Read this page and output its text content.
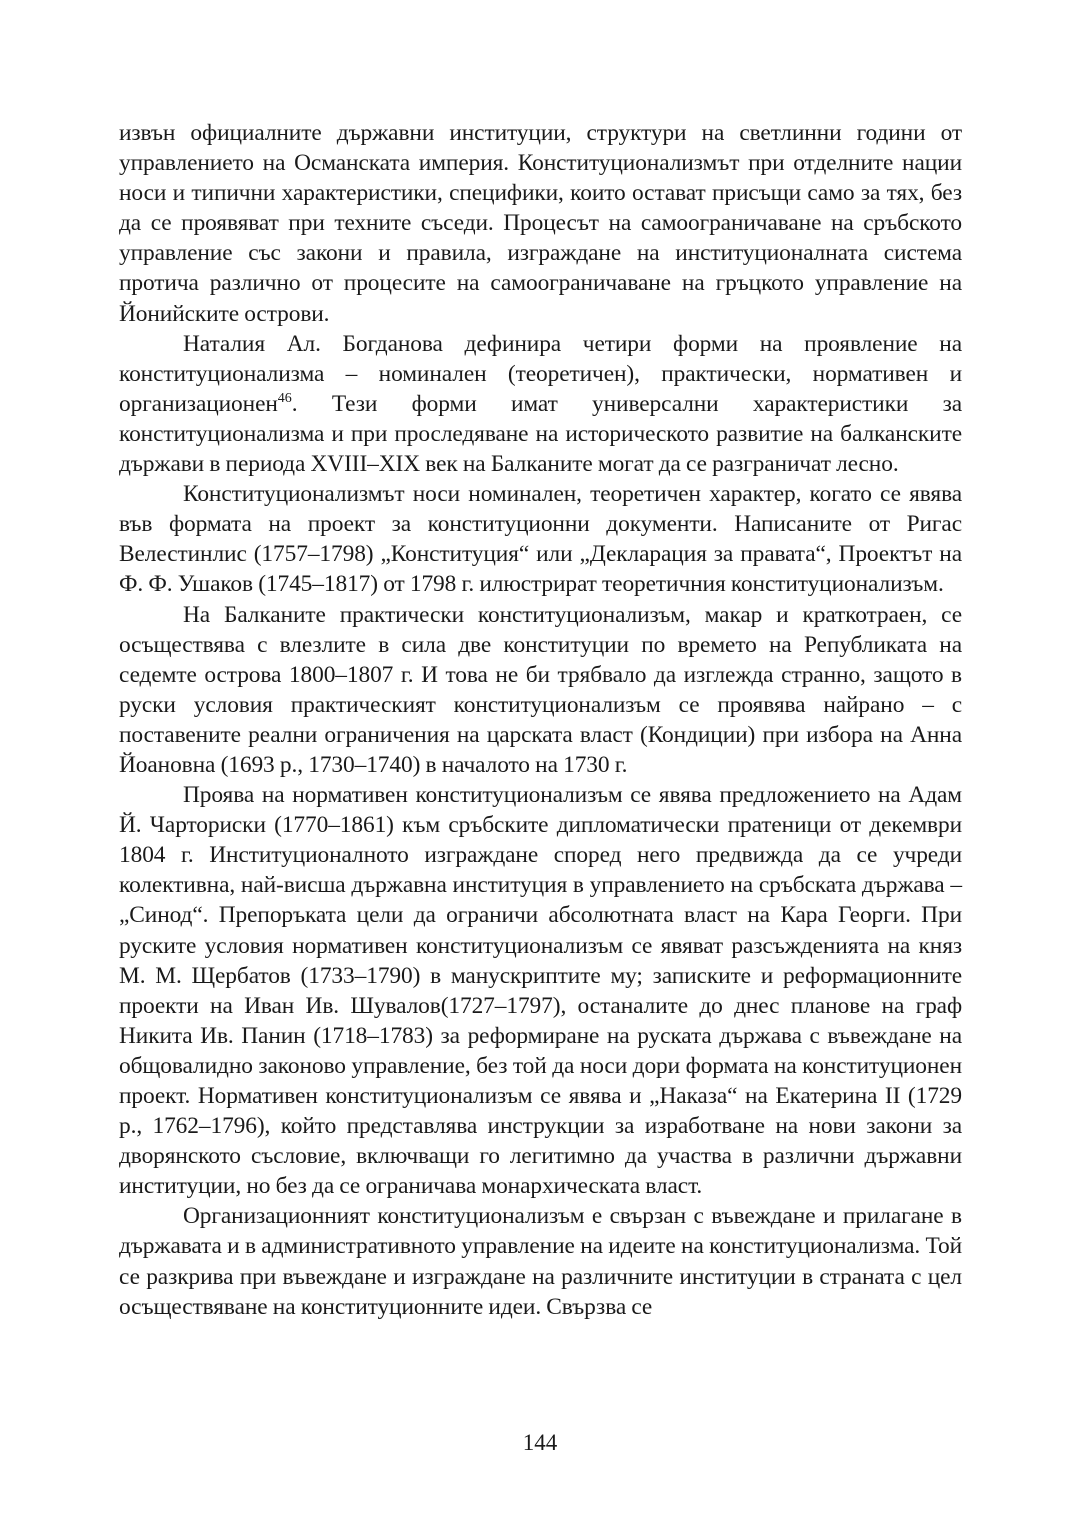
извън официалните държавни институции, структури на светлинни години от управлението на Османската империя. Конституционализмът при отделните нации носи и типични характеристики, специфики, които остават присъщи само за тях, без да се проявяват при техните съседи. Процесът на самоограничаване на сръбското управление със закони и правила, изграждане на институционалната система протича различно от процесите на самоограничаване на гръцкото управление на Йонийските острови.

Наталия Ал. Богданова дефинира четири форми на проявление на конституционализма – номинален (теоретичен), практически, нормативен и организационен$^{46}$. Тези форми имат универсални характеристики за конституционализма и при проследяване на историческото развитие на балканските държави в периода XVIII–XIX век на Балканите могат да се разграничат лесно.

Конституционализмът носи номинален, теоретичен характер, когато се явява във формата на проект за конституционни документи. Написаните от Ригас Велестинлис (1757–1798) „Конституция“ или „Декларация за правата“, Проектът на Ф. Ф. Ушаков (1745–1817) от 1798 г. илюстрират теоретичния конституционализъм.

На Балканите практически конституционализъм, макар и краткотраен, се осъществява с влезлите в сила две конституции по времето на Републиката на седемте острова 1800–1807 г. И това не би трябвало да изглежда странно, защото в руски условия практическият конституционализъм се проявява найрано – с поставените реални ограничения на царската власт (Кондиции) при избора на Анна Йоановна (1693 р., 1730–1740) в началото на 1730 г.

Проява на нормативен конституционализъм се явява предложението на Адам Й. Чарториски (1770–1861) към сръбските дипломатически пратеници от декември 1804 г. Институционалното изграждане според него предвижда да се учреди колективна, най-висша държавна институция в управлението на сръбската държава – „Синод“. Препоръката цели да ограничи абсолютната власт на Кара Георги. При руските условия нормативен конституционализъм се явяват разсъжденията на княз М. М. Щербатов (1733–1790) в манускриптите му; записките и реформационните проекти на Иван Ив. Шувалов(1727–1797), останалите до днес планове на граф Никита Ив. Панин (1718–1783) за реформиране на руската държава с въвеждане на общовалидно законово управление, без той да носи дори формата на конституционен проект. Нормативен конституционализъм се явява и „Наказа“ на Екатерина II (1729 р., 1762–1796), който представлява инструкции за изработване на нови закони за дворянското съсловие, включващи го легитимно да участва в различни държавни институции, но без да се ограничава монархическата власт.

Организационният конституционализъм е свързан с въвеждане и прилагане в държавата и в административното управление на идеите на конституционализма. Той се разкрива при въвеждане и изграждане на различните институции в страната с цел осъществяване на конституционните идеи. Свързва се

144
